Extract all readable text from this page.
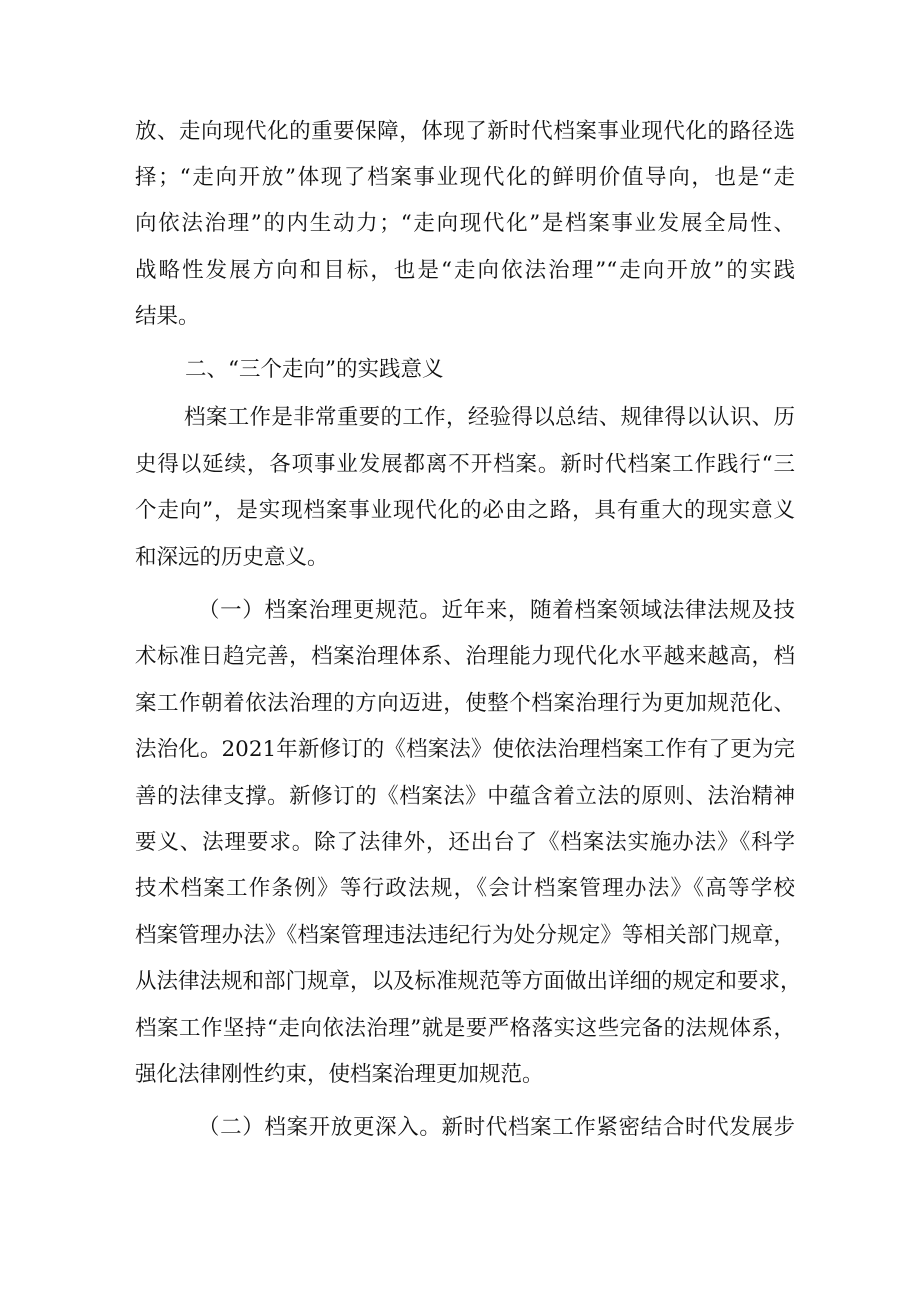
放、走向现代化的重要保障，体现了新时代档案事业现代化的路径选
择；“走向开放”体现了档案事业现代化的鲜明价值导向，也是“走
向依法治理”的内生动力；“走向现代化”是档案事业发展全局性、
战略性发展方向和目标，也是“走向依法治理”“走向开放”的实践
结果。
二、“三个走向”的实践意义
档案工作是非常重要的工作，经验得以总结、规律得以认识、历
史得以延续，各项事业发展都离不开档案。新时代档案工作践行“三
个走向”，是实现档案事业现代化的必由之路，具有重大的现实意义
和深远的历史意义。
（一）档案治理更规范。近年来，随着档案领域法律法规及技
术标准日趋完善，档案治理体系、治理能力现代化水平越来越高，档
案工作朝着依法治理的方向迈进，使整个档案治理行为更加规范化、
法治化。2021年新修订的《档案法》使依法治理档案工作有了更为完
善的法律支撑。新修订的《档案法》中蕴含着立法的原则、法治精神
要义、法理要求。除了法律外，还出台了《档案法实施办法》《科学
技术档案工作条例》等行政法规，《会计档案管理办法》《高等学校
档案管理办法》《档案管理违法违纪行为处分规定》等相关部门规章，
从法律法规和部门规章，以及标准规范等方面做出详细的规定和要求，
档案工作坚持“走向依法治理”就是要严格落实这些完备的法规体系，
强化法律刚性约束，使档案治理更加规范。
（二）档案开放更深入。新时代档案工作紧密结合时代发展步
